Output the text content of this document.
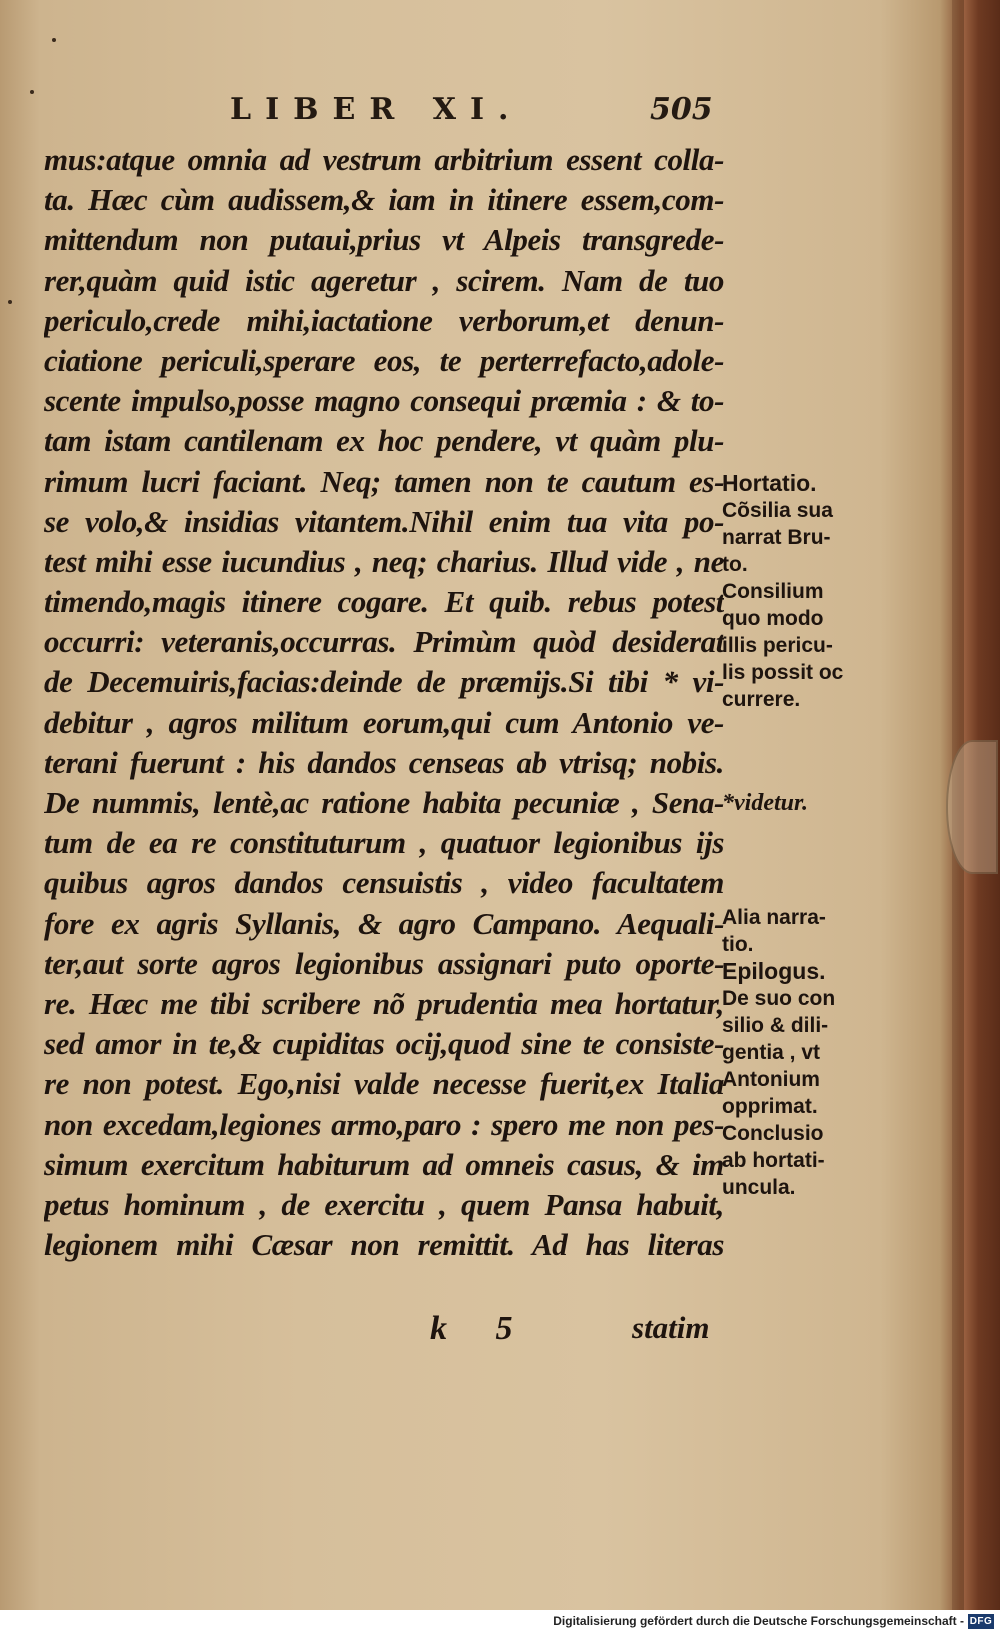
LIBER XI.	505
mus:atque omnia ad vestrum arbitrium essent colla-
ta. Hæc cùm audissem,& iam in itinere essem,com-
mittendum non putaui,prius vt Alpeis transgrede-
rer,quàm quid istic ageretur , scirem. Nam de tuo
periculo,crede mihi,iactatione verborum,et denun-
ciatione periculi,sperare eos, te perterrefacto,adole-
scente impulso,posse magno consequi præmia : & to-
tam istam cantilenam ex hoc pendere, vt quàm plu-
rimum lucri faciant. Neq; tamen non te cautum es-
se volo,& insidias vitantem.Nihil enim tua vita po-
test mihi esse iucundius , neq; charius. Illud vide , ne
timendo,magis itinere cogare. Et quib. rebus potest
occurri: veteranis,occurras. Primùm quòd desiderat
de Decemuiris,facias:deinde de præmijs.Si tibi * vi-
debitur , agros militum eorum,qui cum Antonio ve-
terani fuerunt : his dandos censeas ab vtrisq; nobis.
De nummis, lentè,ac ratione habita pecuniæ , Sena-
tum de ea re constituturum , quatuor legionibus ijs
quibus agros dandos censuistis , video facultatem
fore ex agris Syllanis, & agro Campano. Aequali-
ter,aut sorte agros legionibus assignari puto oporte-
re. Hæc me tibi scribere nõ prudentia mea hortatur,
sed amor in te,& cupiditas ocij,quod sine te consiste-
re non potest. Ego,nisi valde necesse fuerit,ex Italia
non excedam,legiones armo,paro : spero me non pes-
simum exercitum habiturum ad omneis casus, & im
petus hominum , de exercitu , quem Pansa habuit,
legionem mihi Cæsar non remittit. Ad has literas
Hortatio.
Cõsilia sua
narrat Bru-
to.
Consilium
quo modo
illis pericu-
lis possit oc
currere.
*videtur.
Alia narra-
tio.
Epilogus.
De suo con
silio & dili-
gentia , vt
Antonium
opprimat.
Conclusio
ab hortati-
uncula.
k 5	statim
Digitalisierung gefördert durch die Deutsche Forschungsgemeinschaft - DFG
